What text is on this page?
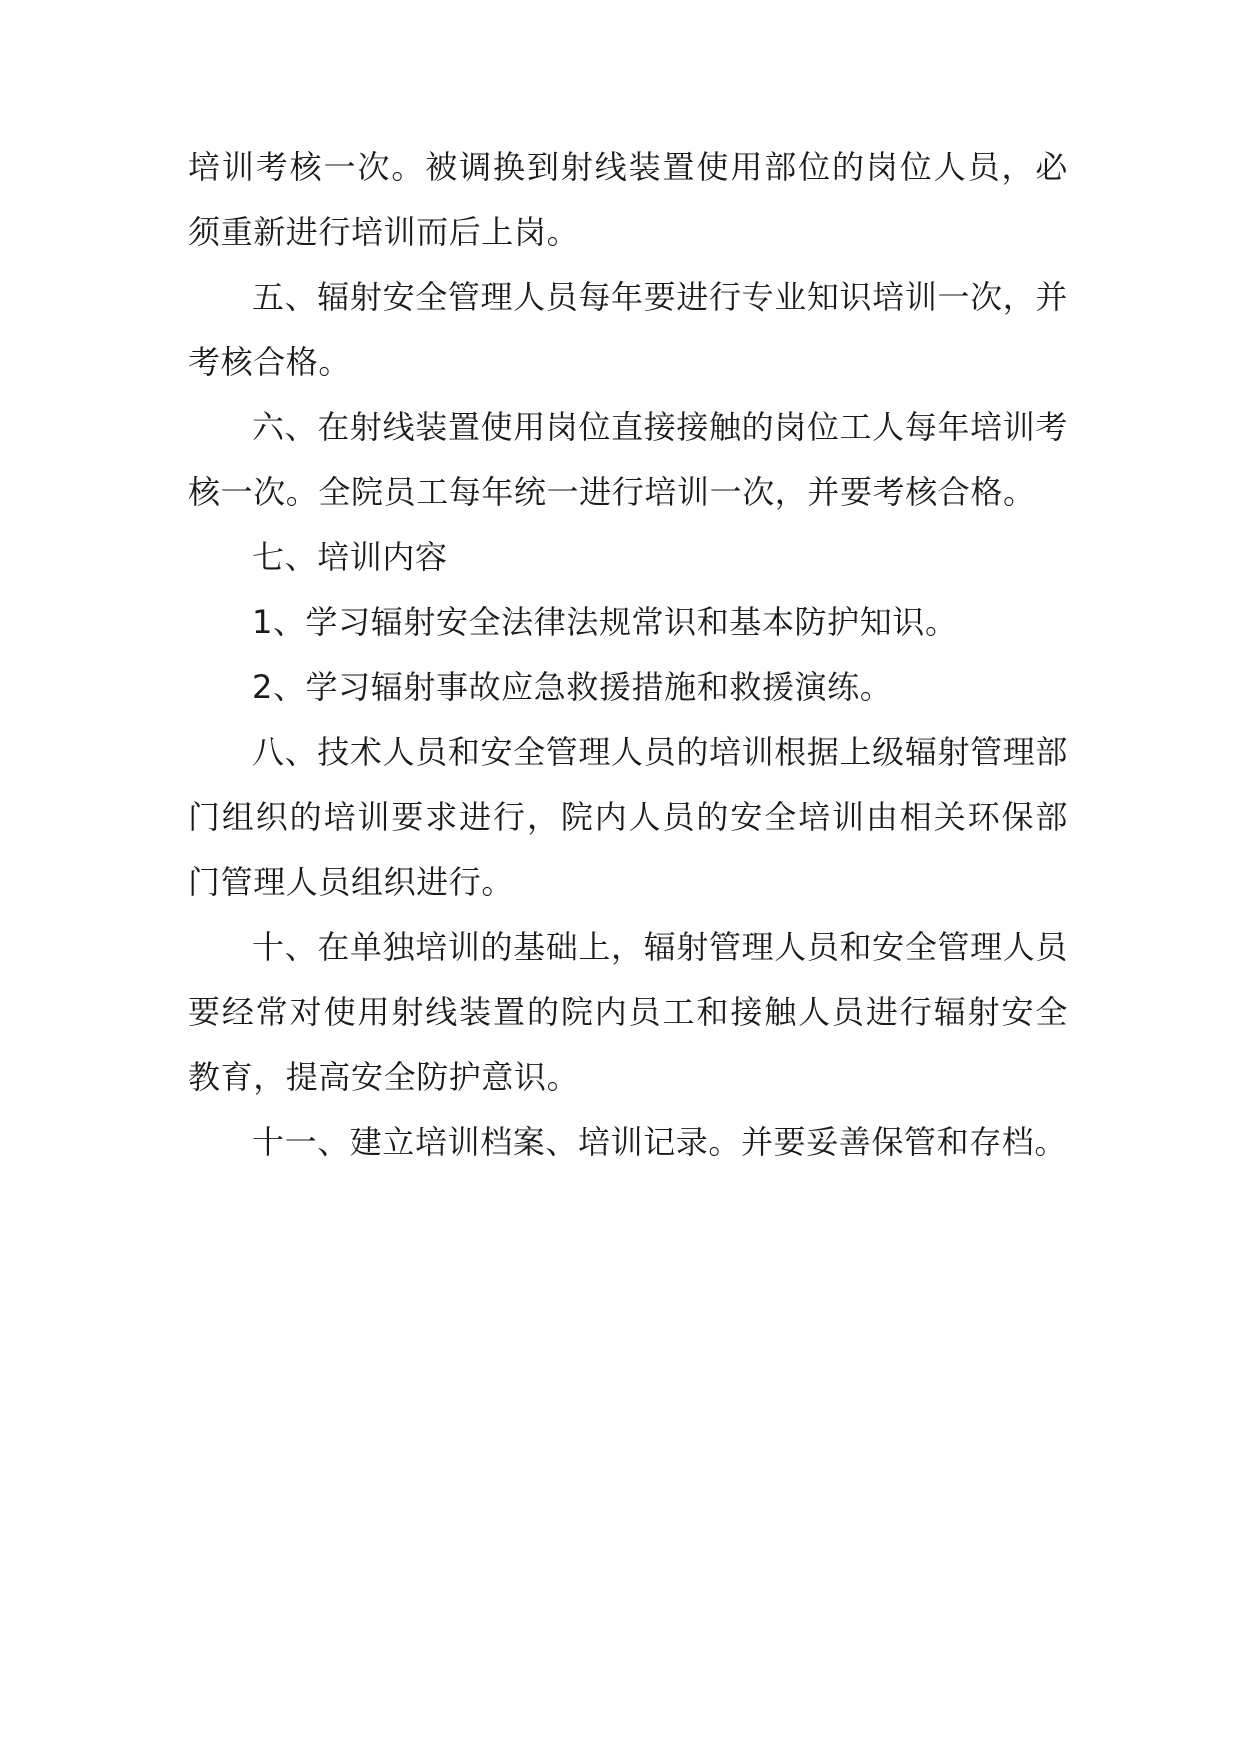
培训考核一次。被调换到射线装置使用部位的岗位人员，必须重新进行培训而后上岗。

五、辐射安全管理人员每年要进行专业知识培训一次，并考核合格。

六、在射线装置使用岗位直接接触的岗位工人每年培训考核一次。全院员工每年统一进行培训一次，并要考核合格。

七、培训内容

1、学习辐射安全法律法规常识和基本防护知识。

2、学习辐射事故应急救援措施和救援演练。

八、技术人员和安全管理人员的培训根据上级辐射管理部门组织的培训要求进行，院内人员的安全培训由相关环保部门管理人员组织进行。

十、在单独培训的基础上，辐射管理人员和安全管理人员要经常对使用射线装置的院内员工和接触人员进行辐射安全教育，提高安全防护意识。

十一、建立培训档案、培训记录。并要妥善保管和存档。
